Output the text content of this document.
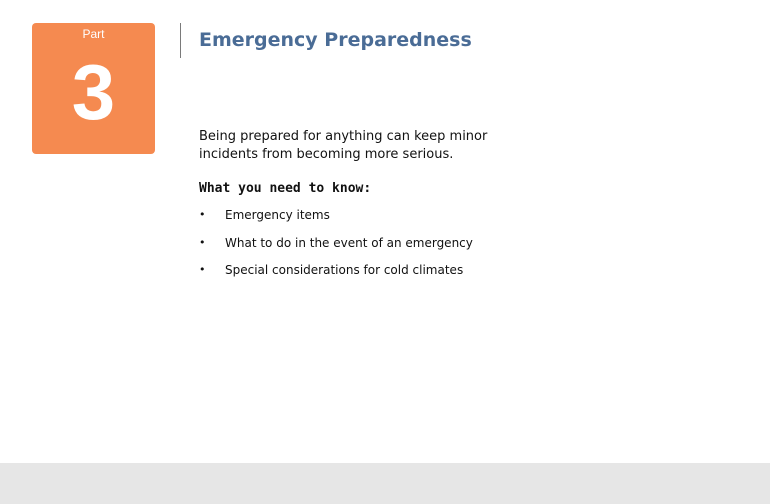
Part
3
Emergency Preparedness
Being prepared for anything can keep minor
incidents from becoming more serious.
What you need to know:
• Emergency items
• What to do in the event of an emergency
• Special considerations for cold climates
